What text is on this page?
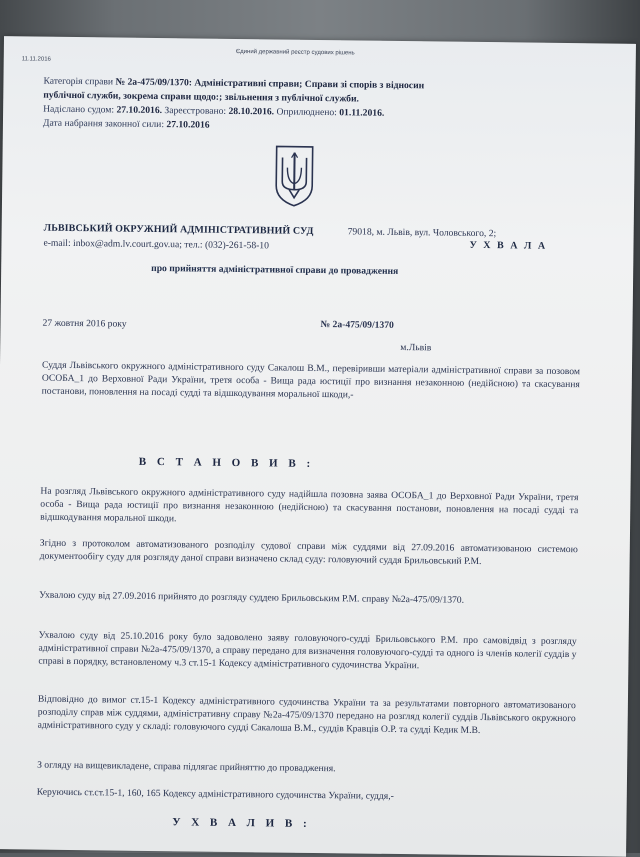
11.11.2016
Єдиний державний реєстр судових рішень
Категорія справи № 2а-475/09/1370: Адміністративні справи; Справи зі спорів з відносин
публічної служби, зокрема справи щодо:; звільнення з публічної служби.
Надіслано судом: 27.10.2016. Зареєстровано: 28.10.2016. Оприлюднено: 01.11.2016.
Дата набрання законної сили: 27.10.2016
ЛЬВІВСЬКИЙ ОКРУЖНИЙ АДМІНІСТРАТИВНИЙ СУД	79018, м. Львів, вул. Чоловського, 2;
e-mail: inbox@adm.lv.court.gov.ua; тел.: (032)-261-58-10	У Х В А Л А
про прийняття адміністративної справи до провадження
27 жовтня 2016 року	№ 2а-475/09/1370
м.Львів
Суддя Львівського окружного адміністративного суду Сакалош В.М., перевіривши матеріали адміністративної справи за позовом ОСОБА_1 до Верховної Ради України, третя особа - Вища рада юстиції про визнання незаконною (недійсною) та скасування постанови, поновлення на посаді судді та відшкодування моральної шкоди,-
В С Т А Н О В И В :
На розгляд Львівського окружного адміністративного суду надійшла позовна заява ОСОБА_1 до Верховної Ради України, третя особа - Вища рада юстиції про визнання незаконною (недійсною) та скасування постанови, поновлення на посаді судді та відшкодування моральної шкоди.
Згідно з протоколом автоматизованого розподілу судової справи між суддями від 27.09.2016 автоматизованою системою документообігу суду для розгляду даної справи визначено склад суду: головуючий суддя Брильовський Р.М.
Ухвалою суду від 27.09.2016 прийнято до розгляду суддею Брильовським Р.М. справу №2а-475/09/1370.
Ухвалою суду від 25.10.2016 року було задоволено заяву головуючого-судді Брильовського Р.М. про самовідвід з розгляду адміністративної справи №2а-475/09/1370, а справу передано для визначення головуючого-судді та одного із членів колегії суддів у справі в порядку, встановленому ч.3 ст.15-1 Кодексу адміністративного судочинства України.
Відповідно до вимог ст.15-1 Кодексу адміністративного судочинства України та за результатами повторного автоматизованого розподілу справ між суддями, адміністративну справу №2а-475/09/1370 передано на розгляд колегії суддів Львівського окружного адміністративного суду у складі: головуючого судді Сакалоша В.М., суддів Кравців О.Р. та судді Кедик М.В.
З огляду на вищевикладене, справа підлягає прийняттю до провадження.
Керуючись ст.ст.15-1, 160, 165 Кодексу адміністративного судочинства України, суддя,-
У Х В А Л И В :
